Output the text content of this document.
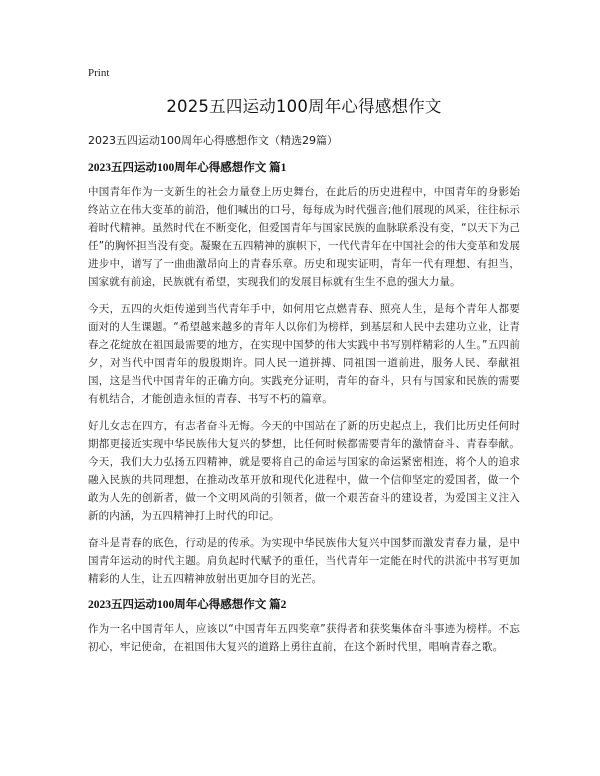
Print
2025五四运动100周年心得感想作文
2023五四运动100周年心得感想作文（精选29篇）
2023五四运动100周年心得感想作文 篇1

中国青年作为一支新生的社会力量登上历史舞台，在此后的历史进程中，中国青年的身影始终站立在伟大变革的前沿，他们喊出的口号，每每成为时代强音;他们展现的风采，往往标示着时代精神。虽然时代在不断变化，但爱国青年与国家民族的血脉联系没有变，“以天下为己任”的胸怀担当没有变。凝聚在五四精神的旗帜下，一代代青年在中国社会的伟大变革和发展进步中，谱写了一曲曲激昂向上的青春乐章。历史和现实证明，青年一代有理想、有担当，国家就有前途，民族就有希望，实现我们的发展目标就有生生不息的强大力量。

今天，五四的火炬传递到当代青年手中，如何用它点燃青春、照亮人生，是每个青年人都要面对的人生课题。“希望越来越多的青年人以你们为榜样，到基层和人民中去建功立业，让青春之花绽放在祖国最需要的地方，在实现中国梦的伟大实践中书写别样精彩的人生。”五四前夕，对当代中国青年的殷殷期许。同人民一道拼搏、同祖国一道前进，服务人民、奉献祖国，这是当代中国青年的正确方向。实践充分证明，青年的奋斗，只有与国家和民族的需要有机结合，才能创造永恒的青春、书写不朽的篇章。

好儿女志在四方，有志者奋斗无悔。今天的中国站在了新的历史起点上，我们比历史任何时期都更接近实现中华民族伟大复兴的梦想，比任何时候都需要青年的激情奋斗、青春奉献。今天，我们大力弘扬五四精神，就是要将自己的命运与国家的命运紧密相连，将个人的追求融入民族的共同理想，在推动改革开放和现代化进程中，做一个信仰坚定的爱国者，做一个敢为人先的创新者，做一个文明风尚的引领者，做一个艰苦奋斗的建设者，为爱国主义注入新的内涵，为五四精神打上时代的印记。

奋斗是青春的底色，行动是的传承。为实现中华民族伟大复兴中国梦而激发青春力量，是中国青年运动的时代主题。肩负起时代赋予的重任，当代青年一定能在时代的洪流中书写更加精彩的人生，让五四精神放射出更加夺目的光芒。

2023五四运动100周年心得感想作文 篇2

作为一名中国青年人，应该以“中国青年五四奖章”获得者和获奖集体奋斗事迹为榜样。不忘初心，牢记使命，在祖国伟大复兴的道路上勇往直前，在这个新时代里，唱响青春之歌。
